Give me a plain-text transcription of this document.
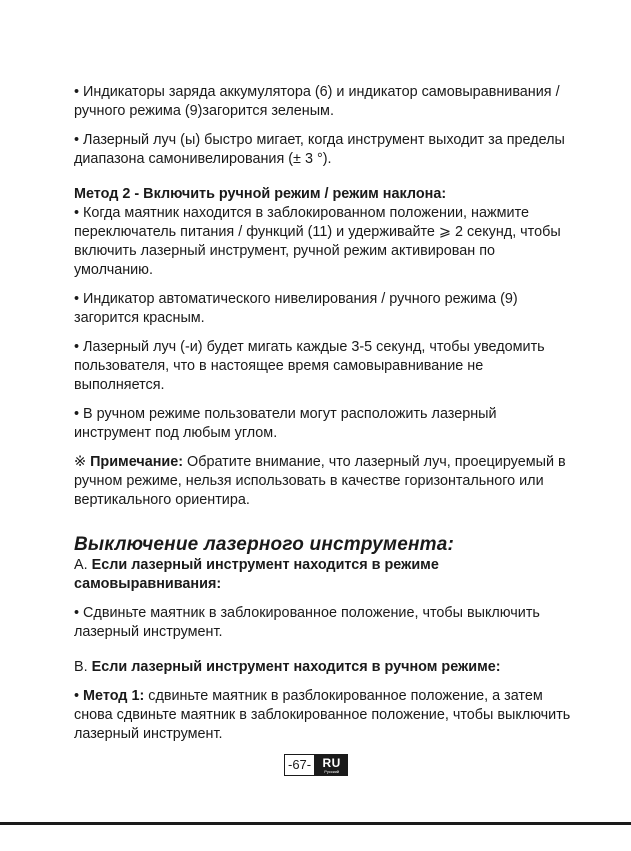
• Индикаторы заряда аккумулятора (6) и индикатор самовыравнивания / ручного режима (9)загорится зеленым.

• Лазерный луч (ы) быстро мигает, когда инструмент выходит за пределы диапазона самонивелирования (± 3 °).

Метод 2 - Включить ручной режим / режим наклона:

• Когда маятник находится в заблокированном положении, нажмите переключатель питания / функций (11) и удерживайте ⩾ 2 секунд, чтобы включить лазерный инструмент, ручной режим активирован по умолчанию.

• Индикатор автоматического нивелирования / ручного режима (9) загорится красным.

• Лазерный луч (-и) будет мигать каждые 3-5 секунд, чтобы уведомить пользователя, что в настоящее время самовыравнивание не выполняется.

• В ручном режиме пользователи могут расположить лазерный инструмент под любым углом.

※ Примечание: Обратите внимание, что лазерный луч, проецируемый в ручном режиме, нельзя использовать в качестве горизонтального или вертикального ориентира.

Выключение лазерного инструмента:

A. Если лазерный инструмент находится в режиме самовыравнивания:

• Сдвиньте маятник в заблокированное положение, чтобы выключить лазерный инструмент.

B. Если лазерный инструмент находится в ручном режиме:

• Метод 1: сдвиньте маятник в разблокированное положение, а затем снова сдвиньте маятник в заблокированное положение, чтобы выключить лазерный инструмент.

-67- RU
Русский
